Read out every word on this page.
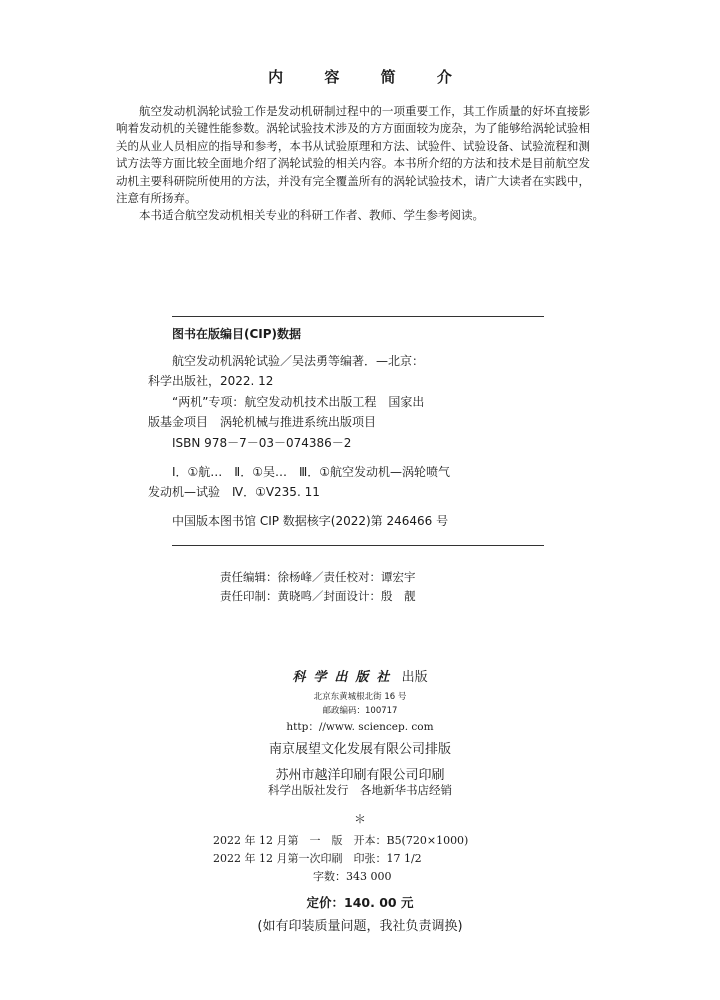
内 容 简 介

航空发动机涡轮试验工作是发动机研制过程中的一项重要工作，其工作质量的好坏直接影响着发动机的关键性能参数。涡轮试验技术涉及的方方面面较为庞杂，为了能够给涡轮试验相关的从业人员相应的指导和参考，本书从试验原理和方法、试验件、试验设备、试验流程和测试方法等方面比较全面地介绍了涡轮试验的相关内容。本书所介绍的方法和技术是目前航空发动机主要科研院所使用的方法，并没有完全覆盖所有的涡轮试验技术，请广大读者在实践中，注意有所扬弃。

本书适合航空发动机相关专业的科研工作者、教师、学生参考阅读。

图书在版编目(CIP)数据
航空发动机涡轮试验／吴法勇等编著．—北京：
科学出版社，2022. 12
“两机”专项：航空发动机技术出版工程　国家出
版基金项目　涡轮机械与推进系统出版项目
ISBN 978－7－03－074386－2
Ⅰ．①航…　Ⅱ．①吴…　Ⅲ．①航空发动机—涡轮喷气
发动机—试验　Ⅳ．①V235. 11
中国版本图书馆 CIP 数据核字(2022)第 246466 号
责任编辑：徐杨峰／责任校对：谭宏宇
责任印制：黄晓鸣／封面设计：殷　靓
科学出版社 出版
北京东黄城根北街 16 号
邮政编码：100717
http：//www. sciencep. com
南京展望文化发展有限公司排版
苏州市越洋印刷有限公司印刷
科学出版社发行　各地新华书店经销
＊
2022 年 12 月第　一　版　开本：B5(720×1000)
2022 年 12 月第一次印刷　印张：17 1/2
字数：343 000
定价：140. 00 元
(如有印装质量问题，我社负责调换)
